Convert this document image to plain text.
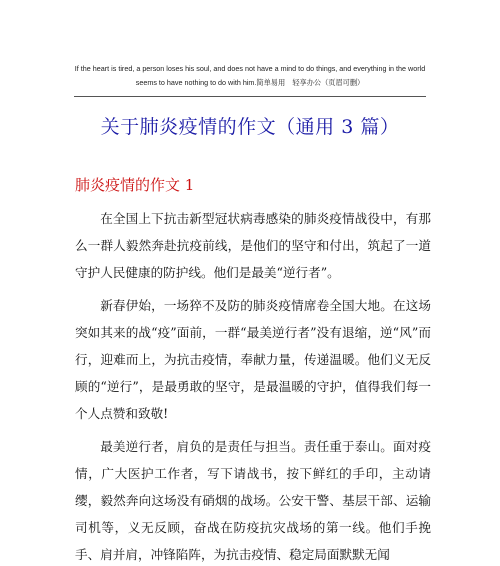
If the heart is tired, a person loses his soul, and does not have a mind to do things, and everything in the world
seems to have nothing to do with him.简单易用　轻享办公（页眉可删）
关于肺炎疫情的作文（通用 3 篇）
肺炎疫情的作文 1

在全国上下抗击新型冠状病毒感染的肺炎疫情战役中，有那么一群人毅然奔赴抗疫前线，是他们的坚守和付出，筑起了一道守护人民健康的防护线。他们是最美“逆行者”。

新春伊始，一场猝不及防的肺炎疫情席卷全国大地。在这场突如其来的战“疫”面前，一群“最美逆行者”没有退缩，逆“风”而行，迎难而上，为抗击疫情，奉献力量，传递温暖。他们义无反顾的“逆行”，是最勇敢的坚守，是最温暖的守护，值得我们每一个人点赞和致敬!

最美逆行者，肩负的是责任与担当。责任重于泰山。面对疫情，广大医护工作者，写下请战书，按下鲜红的手印，主动请缨，毅然奔向这场没有硝烟的战场。公安干警、基层干部、运输司机等，义无反顾，奋战在防疫抗灾战场的第一线。他们手挽手、肩并肩，冲锋陷阵，为抗击疫情、稳定局面默默无闻
